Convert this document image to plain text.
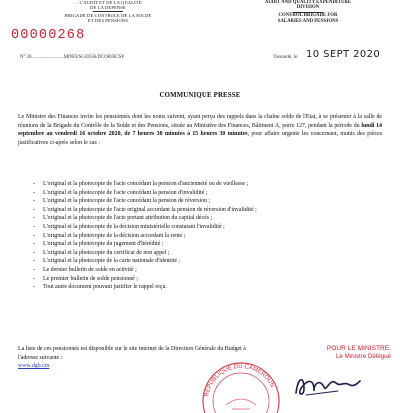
... L'AUDIT ET DE LA QUALITE
DE LA DEPENSE
BRIGADE DE CONTROLE DE LA SOLDE
ET DES PENSIONS
AUDIT AND QUALITY EXPENDITURE
DIVISION
CONTROL BRIGADE FOR
SALARIES AND PENSIONS
00000268
N° 20...........................MINFI/SG/DGB/DCOB/BCSP	Yaoundé, le 10 SEPT 2020
COMMUNIQUE PRESSE
Le Ministre des Finances invite les pensionnés dont les noms suivent, ayant perçu des rappels dans la chaîne solde de l'Etat, à se présenter à la salle de réunions de la Brigade du Contrôle de la Solde et des Pensions, située au Ministère des Finances, Bâtiment A, porte 127, pendant la période du lundi 14 septembre au vendredi 16 octobre 2020, de 7 heures 30 minutes à 15 heures 30 minutes, pour affaire urgente les concernant, munis des pièces justificatives ci-après selon le cas :
-	L'original et la photocopie de l'acte concédant la pension d'ancienneté ou de vieillesse ;
-	L'original et la photocopie de l'acte concédant la pension d'invalidité ;
-	L'original et la photocopie de l'acte concédant la pension de réversion ;
-	L'original et la photocopie de l'acte original accordant la pension de réversion d'invalidité ;
-	L'original et la photocopie de l'acte portant attribution du capital décès ;
-	L'original et la photocopie de la décision ministérielle constatant l'invalidité ;
-	L'original et la photocopie de la décision accordant la rente ;
-	L'original et la photocopie du jugement d'hérédité ;
-	L'original et la photocopie du certificat de non appel ;
-	L'original et la photocopie de la carte nationale d'identité ;
-	Le dernier bulletin de solde en activité ;
-	Le premier bulletin de solde pensionné ;
-	Tout autre document pouvant justifier le rappel reçu.
La liste de ces pensionnés est disponible sur le site internet de la Direction Générale du Budget à
l'adresse suivante :
www.dgb.cm
POUR LE MINISTRE,
Le Ministre Délégué
REPUBLIQUE DU CAMEROUN
